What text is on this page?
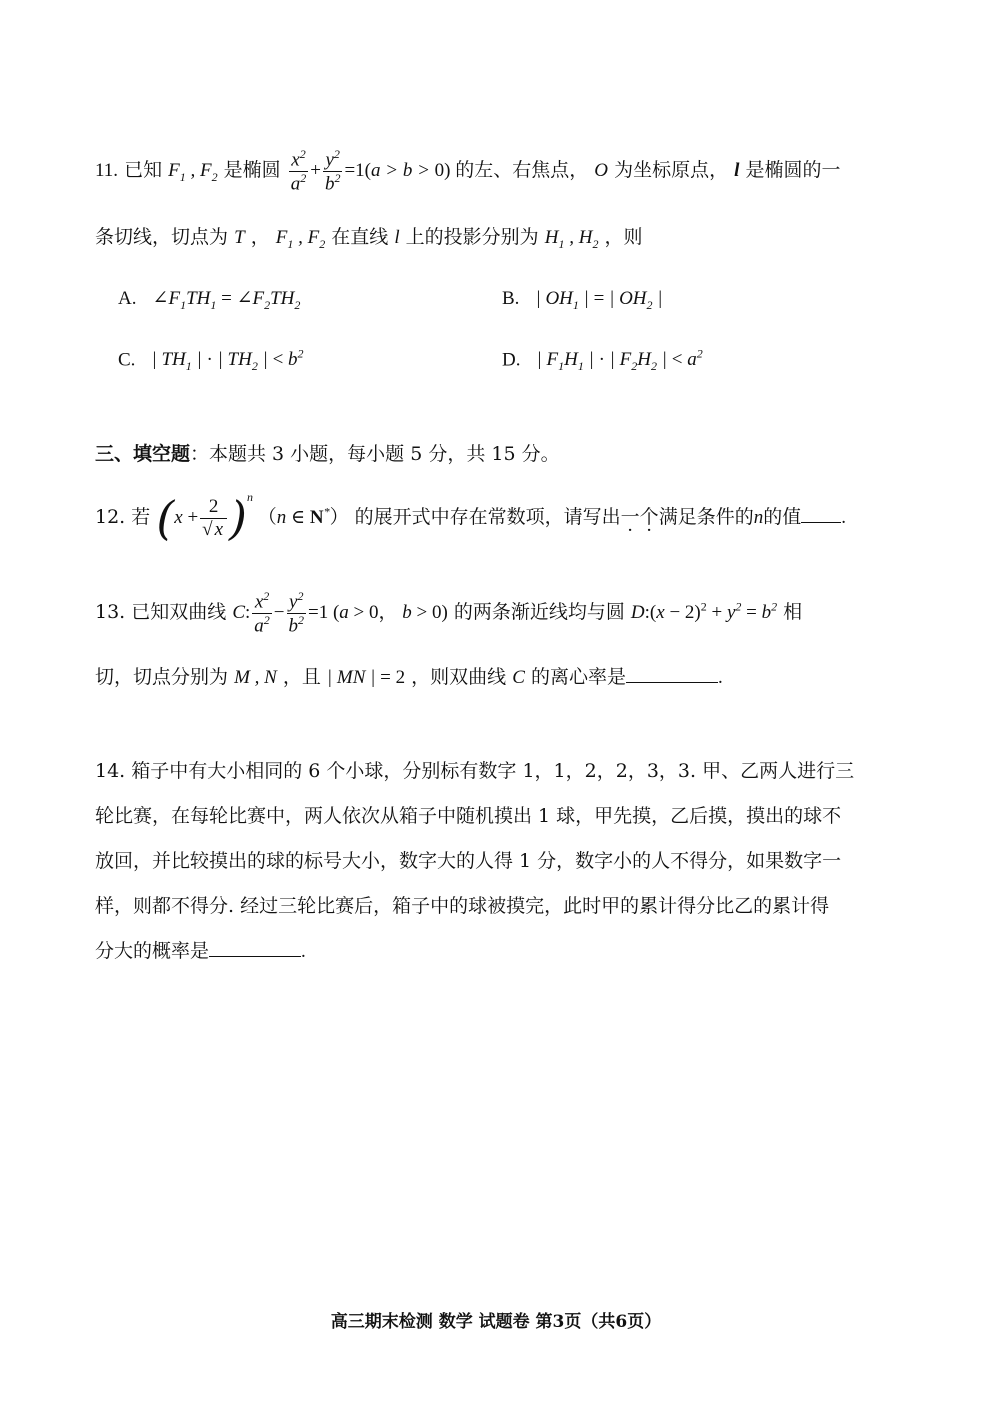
11. 已知 $F_1$ , $F_2$ 是椭圆 $\frac{x^2}{a^2} + \frac{y^2}{b^2} =1(a > b > 0)$ 的左、右焦点， O 为坐标原点， l 是椭圆的一
条切线，切点为 T ， $F_1$ , $F_2$ 在直线 l 上的投影分别为 $H_1$ , $H_2$ ，则
A. $\angle F_1TH_1$ = $\angle F_2TH_2$	B. | $OH_1$ | = | $OH_2$ |
C. | $TH_1$ | · | $TH_2$ | < $b^2$	D. | $F_1H_1$ | · | $F_2H_2$ | < $a^2$
三、填空题：本题共 3 小题，每小题 5 分，共 15 分。
12. 若 $(x + \frac{2}{√ x} )^n$ （n ∈ N*） 的展开式中存在常数项，请写出一个满足条件的n的值 .
13. 已知双曲线 C: $\frac{x^2}{a^2} - \frac{y^2}{b^2} =1$ (a > 0， b > 0) 的两条渐近线均与圆 D:(x − $2)^2 + y^2 = b^2$ 相
切，切点分别为 M , N ，且 | MN | = 2 ，则双曲线 C 的离心率是	.
14. 箱子中有大小相同的 6 个小球，分别标有数字 1，1，2，2，3，3. 甲、乙两人进行三
轮比赛，在每轮比赛中，两人依次从箱子中随机摸出 1 球，甲先摸，乙后摸，摸出的球不
放回，并比较摸出的球的标号大小，数字大的人得 1 分，数字小的人不得分，如果数字一
样，则都不得分. 经过三轮比赛后，箱子中的球被摸完，此时甲的累计得分比乙的累计得
分大的概率是	.
高三期末检测 数学 试题卷 第3页（共6页）
